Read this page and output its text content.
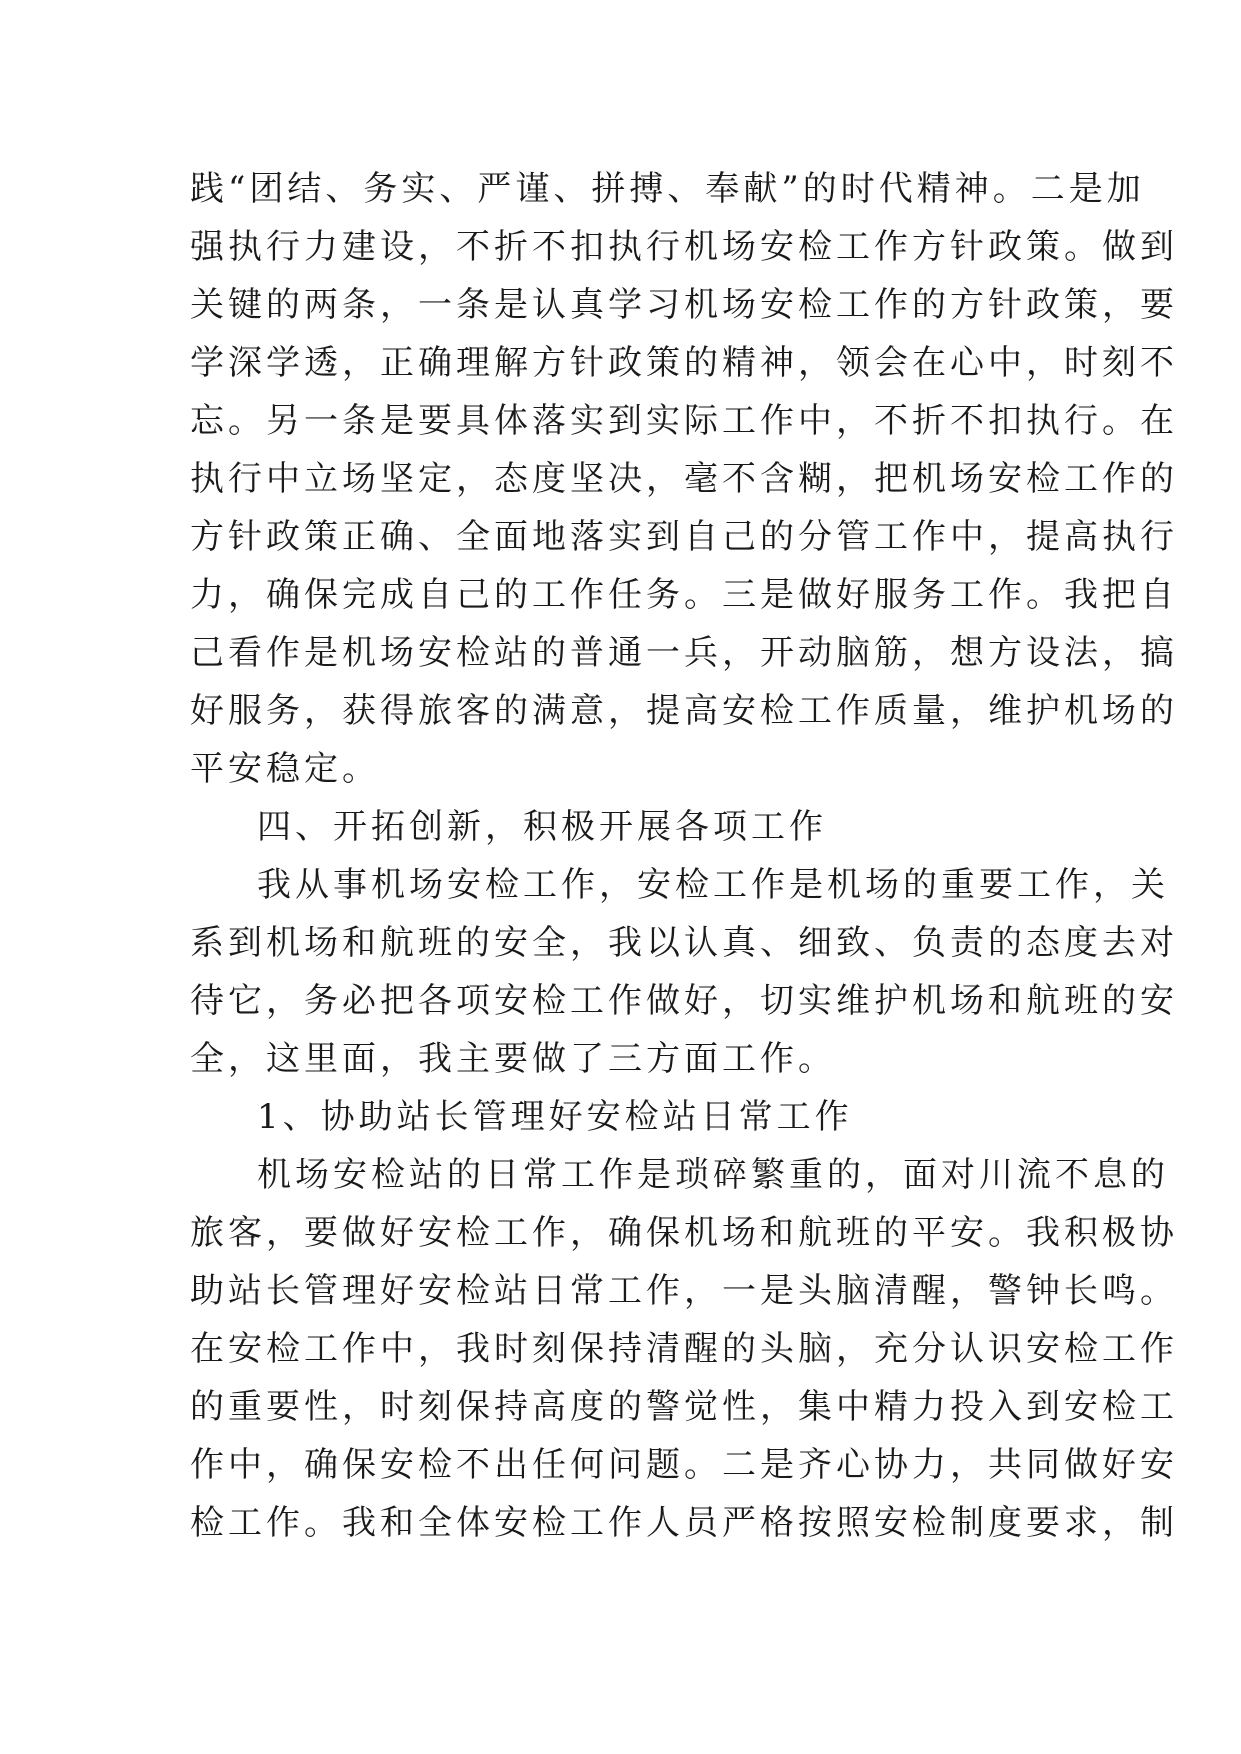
践“团结、务实、严谨、拼搏、奉献”的时代精神。二是加
强执行力建设，不折不扣执行机场安检工作方针政策。做到
关键的两条，一条是认真学习机场安检工作的方针政策，要
学深学透，正确理解方针政策的精神，领会在心中，时刻不
忘。另一条是要具体落实到实际工作中，不折不扣执行。在
执行中立场坚定，态度坚决，毫不含糊，把机场安检工作的
方针政策正确、全面地落实到自己的分管工作中，提高执行
力，确保完成自己的工作任务。三是做好服务工作。我把自
己看作是机场安检站的普通一兵，开动脑筋，想方设法，搞
好服务，获得旅客的满意，提高安检工作质量，维护机场的
平安稳定。
四、开拓创新，积极开展各项工作
我从事机场安检工作，安检工作是机场的重要工作，关
系到机场和航班的安全，我以认真、细致、负责的态度去对
待它，务必把各项安检工作做好，切实维护机场和航班的安
全，这里面，我主要做了三方面工作。
1、协助站长管理好安检站日常工作
机场安检站的日常工作是琐碎繁重的，面对川流不息的
旅客，要做好安检工作，确保机场和航班的平安。我积极协
助站长管理好安检站日常工作，一是头脑清醒，警钟长鸣。
在安检工作中，我时刻保持清醒的头脑，充分认识安检工作
的重要性，时刻保持高度的警觉性，集中精力投入到安检工
作中，确保安检不出任何问题。二是齐心协力，共同做好安
检工作。我和全体安检工作人员严格按照安检制度要求，制
